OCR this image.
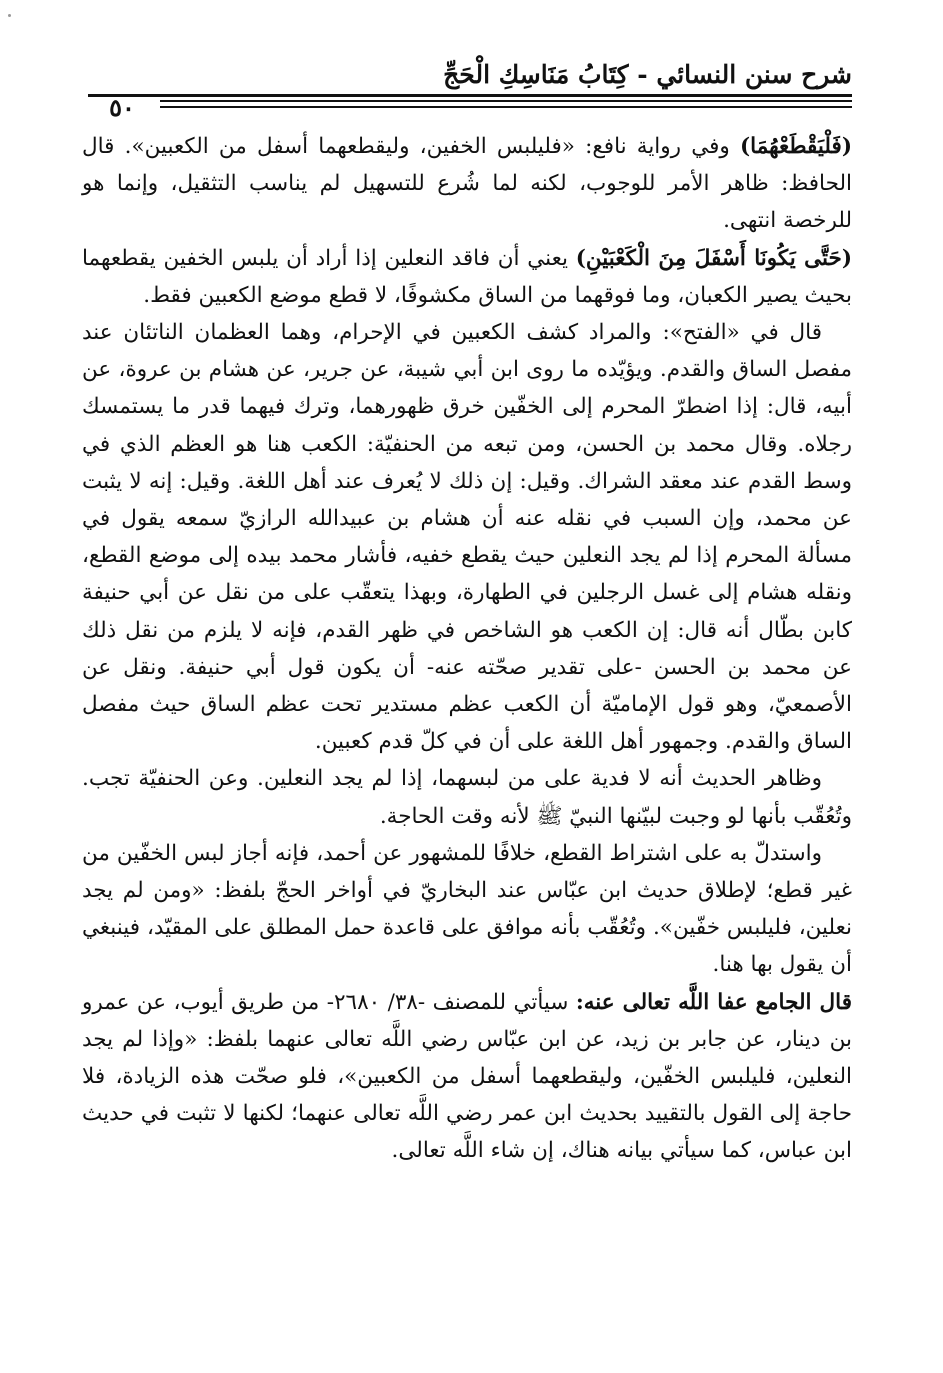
شرح سنن النسائي - كِتَابُ مَنَاسِكِ الْحَجِّ
٥٠

(فَلْيَقْطَعْهُمَا) وفي رواية نافع: «فليلبس الخفين، وليقطعهما أسفل من الكعبين». قال الحافظ: ظاهر الأمر للوجوب، لكنه لما شُرع للتسهيل لم يناسب التثقيل، وإنما هو للرخصة انتهى.

(حَتَّى يَكُونَا أَسْفَلَ مِنَ الْكَعْبَيْنِ) يعني أن فاقد النعلين إذا أراد أن يلبس الخفين يقطعهما بحيث يصير الكعبان، وما فوقهما من الساق مكشوفًا، لا قطع موضع الكعبين فقط.

قال في «الفتح»: والمراد كشف الكعبين في الإحرام، وهما العظمان الناتئان عند مفصل الساق والقدم. ويؤيّده ما روى ابن أبي شيبة، عن جرير، عن هشام بن عروة، عن أبيه، قال: إذا اضطرّ المحرم إلى الخفّين خرق ظهورهما، وترك فيهما قدر ما يستمسك رجلاه. وقال محمد بن الحسن، ومن تبعه من الحنفيّة: الكعب هنا هو العظم الذي في وسط القدم عند معقد الشراك. وقيل: إن ذلك لا يُعرف عند أهل اللغة. وقيل: إنه لا يثبت عن محمد، وإن السبب في نقله عنه أن هشام بن عبيدالله الرازيّ سمعه يقول في مسألة المحرم إذا لم يجد النعلين حيث يقطع خفيه، فأشار محمد بيده إلى موضع القطع، ونقله هشام إلى غسل الرجلين في الطهارة، وبهذا يتعقّب على من نقل عن أبي حنيفة كابن بطّال أنه قال: إن الكعب هو الشاخص في ظهر القدم، فإنه لا يلزم من نقل ذلك عن محمد بن الحسن -على تقدير صحّته عنه- أن يكون قول أبي حنيفة. ونقل عن الأصمعيّ، وهو قول الإماميّة أن الكعب عظم مستدير تحت عظم الساق حيث مفصل الساق والقدم. وجمهور أهل اللغة على أن في كلّ قدم كعبين.

وظاهر الحديث أنه لا فدية على من لبسهما، إذا لم يجد النعلين. وعن الحنفيّة تجب. وتُعُقّب بأنها لو وجبت لبيّنها النبيّ ﷺ لأنه وقت الحاجة.

واستدلّ به على اشتراط القطع، خلافًا للمشهور عن أحمد، فإنه أجاز لبس الخفّين من غير قطع؛ لإطلاق حديث ابن عبّاس عند البخاريّ في أواخر الحجّ بلفظ: «ومن لم يجد نعلين، فليلبس خفّين». وتُعُقّب بأنه موافق على قاعدة حمل المطلق على المقيّد، فينبغي أن يقول بها هنا.

قال الجامع عفا اللَّه تعالى عنه: سيأتي للمصنف -٣٨/ ٢٦٨٠- من طريق أيوب، عن عمرو بن دينار، عن جابر بن زيد، عن ابن عبّاس رضي اللَّه تعالى عنهما بلفظ: «وإذا لم يجد النعلين، فليلبس الخفّين، وليقطعهما أسفل من الكعبين»، فلو صحّت هذه الزيادة، فلا حاجة إلى القول بالتقييد بحديث ابن عمر رضي اللَّه تعالى عنهما؛ لكنها لا تثبت في حديث ابن عباس، كما سيأتي بيانه هناك، إن شاء اللَّه تعالى.
